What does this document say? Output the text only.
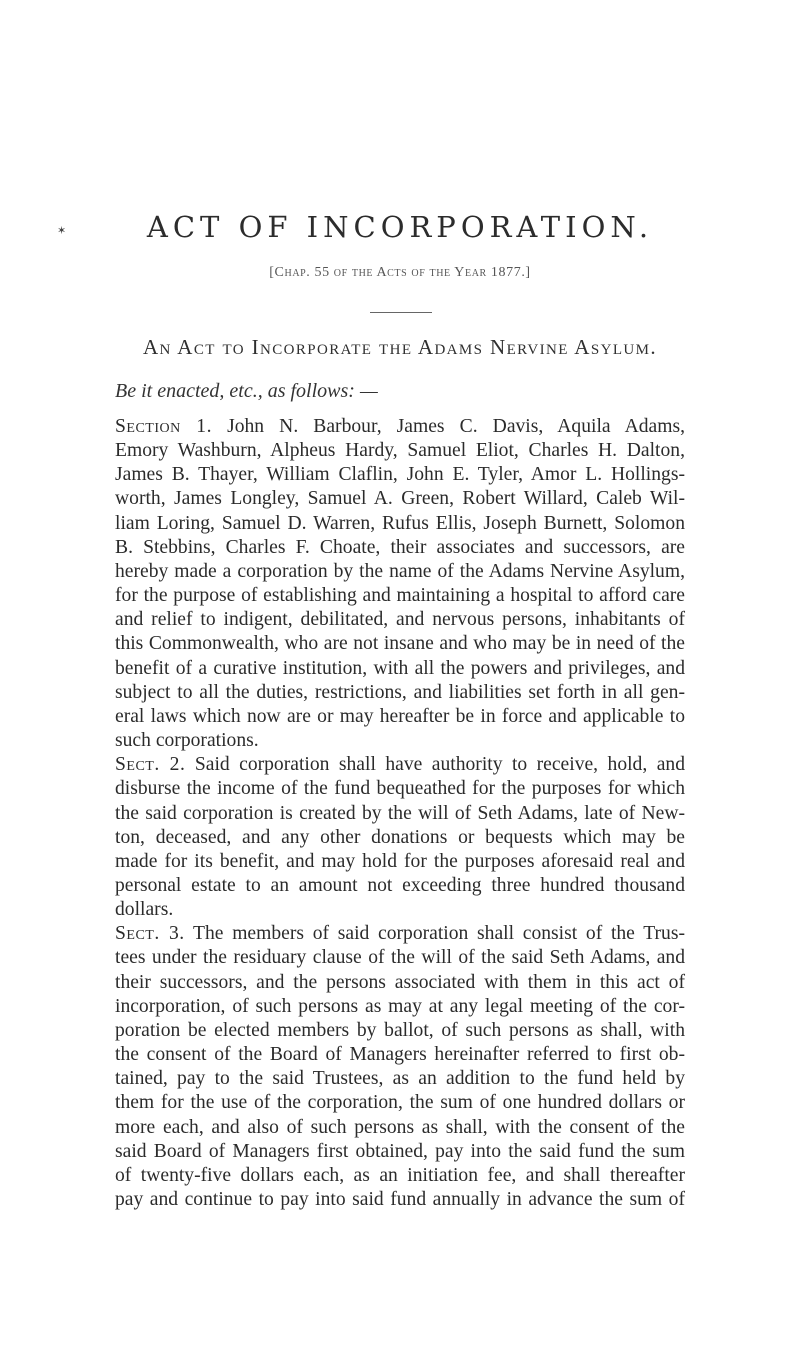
✶	ACT OF INCORPORATION.
[Chap. 55 of the Acts of the Year 1877.]
An Act to Incorporate the Adams Nervine Asylum.
Be it enacted, etc., as follows: —
Section 1. John N. Barbour, James C. Davis, Aquila Adams,
Emory Washburn, Alpheus Hardy, Samuel Eliot, Charles H. Dalton,
James B. Thayer, William Claflin, John E. Tyler, Amor L. Hollings-
worth, James Longley, Samuel A. Green, Robert Willard, Caleb Wil-
liam Loring, Samuel D. Warren, Rufus Ellis, Joseph Burnett, Solomon
B. Stebbins, Charles F. Choate, their associates and successors, are
hereby made a corporation by the name of the Adams Nervine Asylum,
for the purpose of establishing and maintaining a hospital to afford care
and relief to indigent, debilitated, and nervous persons, inhabitants of
this Commonwealth, who are not insane and who may be in need of the
benefit of a curative institution, with all the powers and privileges, and
subject to all the duties, restrictions, and liabilities set forth in all gen-
eral laws which now are or may hereafter be in force and applicable to
such corporations.
Sect. 2. Said corporation shall have authority to receive, hold, and
disburse the income of the fund bequeathed for the purposes for which
the said corporation is created by the will of Seth Adams, late of New-
ton, deceased, and any other donations or bequests which may be
made for its benefit, and may hold for the purposes aforesaid real and
personal estate to an amount not exceeding three hundred thousand
dollars.
Sect. 3. The members of said corporation shall consist of the Trus-
tees under the residuary clause of the will of the said Seth Adams, and
their successors, and the persons associated with them in this act of
incorporation, of such persons as may at any legal meeting of the cor-
poration be elected members by ballot, of such persons as shall, with
the consent of the Board of Managers hereinafter referred to first ob-
tained, pay to the said Trustees, as an addition to the fund held by
them for the use of the corporation, the sum of one hundred dollars or
more each, and also of such persons as shall, with the consent of the
said Board of Managers first obtained, pay into the said fund the sum
of twenty-five dollars each, as an initiation fee, and shall thereafter
pay and continue to pay into said fund annually in advance the sum of
